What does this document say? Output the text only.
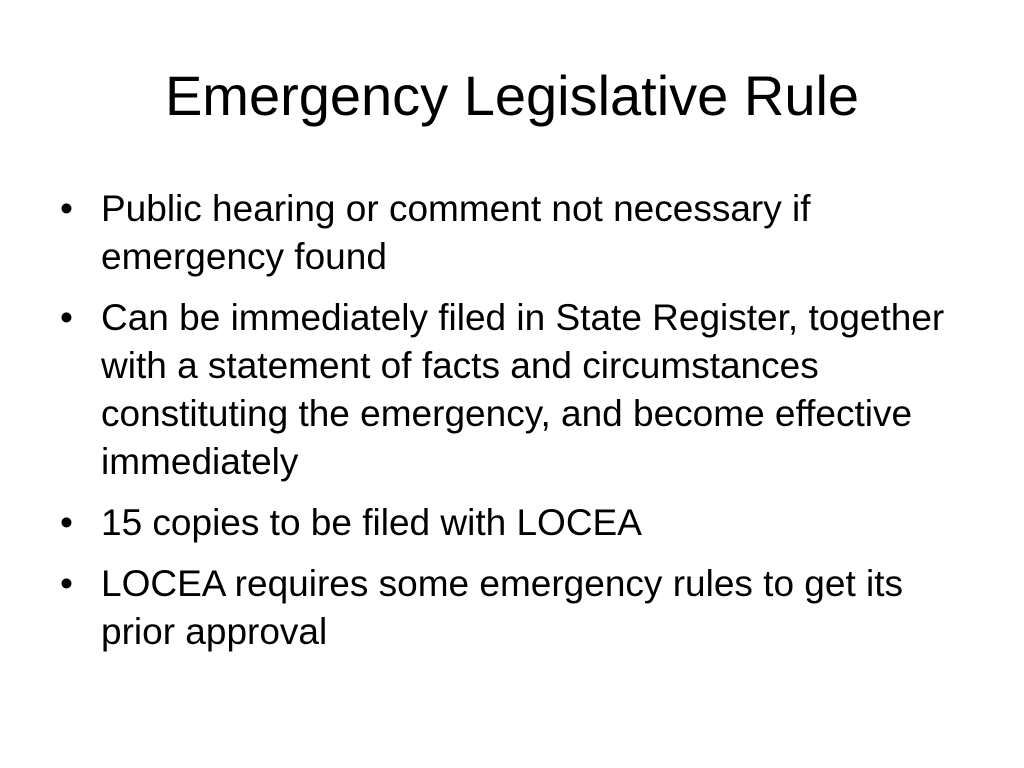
Emergency Legislative Rule
• Public hearing or comment not necessary if emergency found
• Can be immediately filed in State Register, together with a statement of facts and circumstances constituting the emergency, and become effective immediately
• 15 copies to be filed with LOCEA
• LOCEA requires some emergency rules to get its prior approval
